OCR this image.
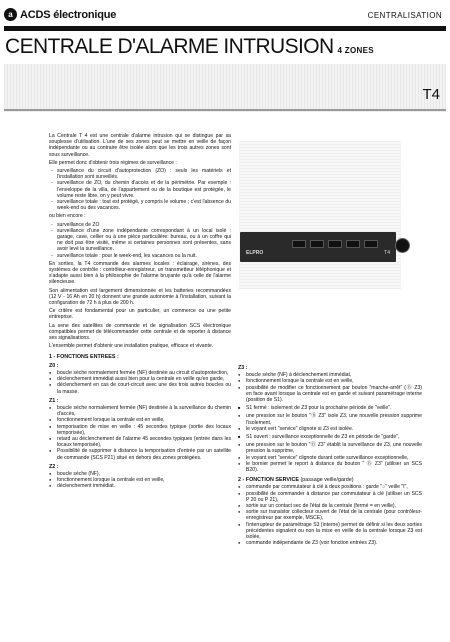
a ACDS électronique	CENTRALISATION
CENTRALE D'ALARME INTRUSION 4 ZONES
T4
ELPRO	T4

La Centrale T 4 est une centrale d'alarme intrusion qui se distingue par sa souplesse d'utilisation. L'une de ses zones peut se mettre en veille de façon indépendante ou au contraire être isolée alors que les trois autres zones sont sous surveillance.

Elle permet donc d'obtenir trois régimes de surveillance :

- surveillance du circuit d'autoprotection (ZO) : seuls les matériels et l'installation sont surveillés.
- surveillance de ZO, du chemin d'accès et de la périmétrie. Par exemple : l'enveloppe de la villa, de l'appartement ou de la boutique est protégée, le volume reste libre, on y peut vivre.
- surveillance totale : tout est protégé, y compris le volume ; c'est l'absence du week-end ou des vacances.

ou bien encore :

- surveillance de ZO
- surveillance d'une zone indépendante correspondant à un local isolé : garage, cave, cellier ou à une pièce particulière: bureau, ou à un coffre qui ne doit pas être visité, même si certaines personnes sont présentes, sans avoir levé la surveillance.
- surveillance totale : pour le week-end, les vacances ou la nuit.

En sorties, la T4 commande des alarmes locales : éclairage, sirènes, des systèmes de contrôle : contrôleur-enregistreur, un transmetteur téléphonique et s'adapte aussi bien à la philosophie de l'alarme bruyante qu'à celle de l'alarme silencieuse.

Son alimentation est largement dimensionnée et les batteries recommandées (12 V - 16 Ah en 20 h) donnent une grande autonomie à l'installation, suivant la configuration de 72 h à plus de 200 h.

Ce critère est fondamental pour un particulier, un commerce ou une petite entreprise.

La sene des satellites de commande et de signalisation SCS électronique compatibles permet de télécommander cette centrale et de reporter à distance ses signalisations.

L'ensemble permet d'obtenir une installation pratique, efficace et vivante.

1 - FONCTIONS ENTREES :
Z0 :
● boucle sèche normalement fermée (NF) destinée au circuit d'autoprotection,
● déclenchement immédiat aussi bien pour la centrale en veille qu'en garde,
● déclenchement en cas de court-circuit avec une des trois autres boucles ou la masse.
Z1 :
● boucle sèche normalement fermée (NF) destinée à la surveillance du chemin d'accès,
● fonctionnement lorsque la centrale est en veille,
● temporisation de mise en veille : 45 secondes typique (sortie des locaux temporisée),
● retard au déclenchement de l'alarme 45 secondes typiques (entrée dans les locaux temporisée),
● Possibilité de supprimer à distance la temporisation d'entrée par un satellite de commande (SCS P21) situé en dehors des zones protégées.
Z2 :
● boucle sèche (NF),
● fonctionnement lorsque la centrale est en veille,
● déclenchement immédiat.
Z3 :
● boucle sèche (NF) à déclenchement immédiat,
● fonctionnement lorsque la centrale est en veille,
● possibilité de modifier ce fonctionnement par bouton "marche-arrêt" (Ⓑ Z3) en face avant lorsque la centrale est en garde et suivant paramétrage interne (position de S1).
■ S1 fermé : isolement de Z3 pour la prochaine période de "veille".
● une pression sur le bouton "Ⓑ Z3" isole Z3, une nouvelle pression supprime l'isolement,
● le voyant vert "service" clignote si Z3 est isolée.
■ S1 ouvert : surveillance exceptionnelle de Z3 en période de "garde",
● une pression sur le bouton "Ⓑ Z3" établit la surveillance de Z3, une nouvelle pression la supprime,
● le voyant vert "service" clignote durant cette surveillance exceptionnelle,
● le bornier permet le report à distance du bouton " Ⓑ Z3" (utiliser un SCS B20).
2 - FONCTION SERVICE (passage veille/garde)
● commande par commutateur à clé à deux positions : garde "○" veille "I",
● possibilité de commander à distance par commutateur à clé (utiliser un SCS P 20 ou P 21),
● sortie sur un contact sec de l'état de la centrale (fermé = en veille),
● sortie sur transistor collecteur ouvert de l'état de la centrale (pour contrôleur-enregistreur par exemple, MSCE),
● l'interrupteur de paramétrage S3 (interne) permet de définir si les deux sorties précédentes signalent ou non la mise en veille de la centrale lorsque Z3 est isolée,
● commande indépendante de Z3 (voir fonction entrées Z3).
